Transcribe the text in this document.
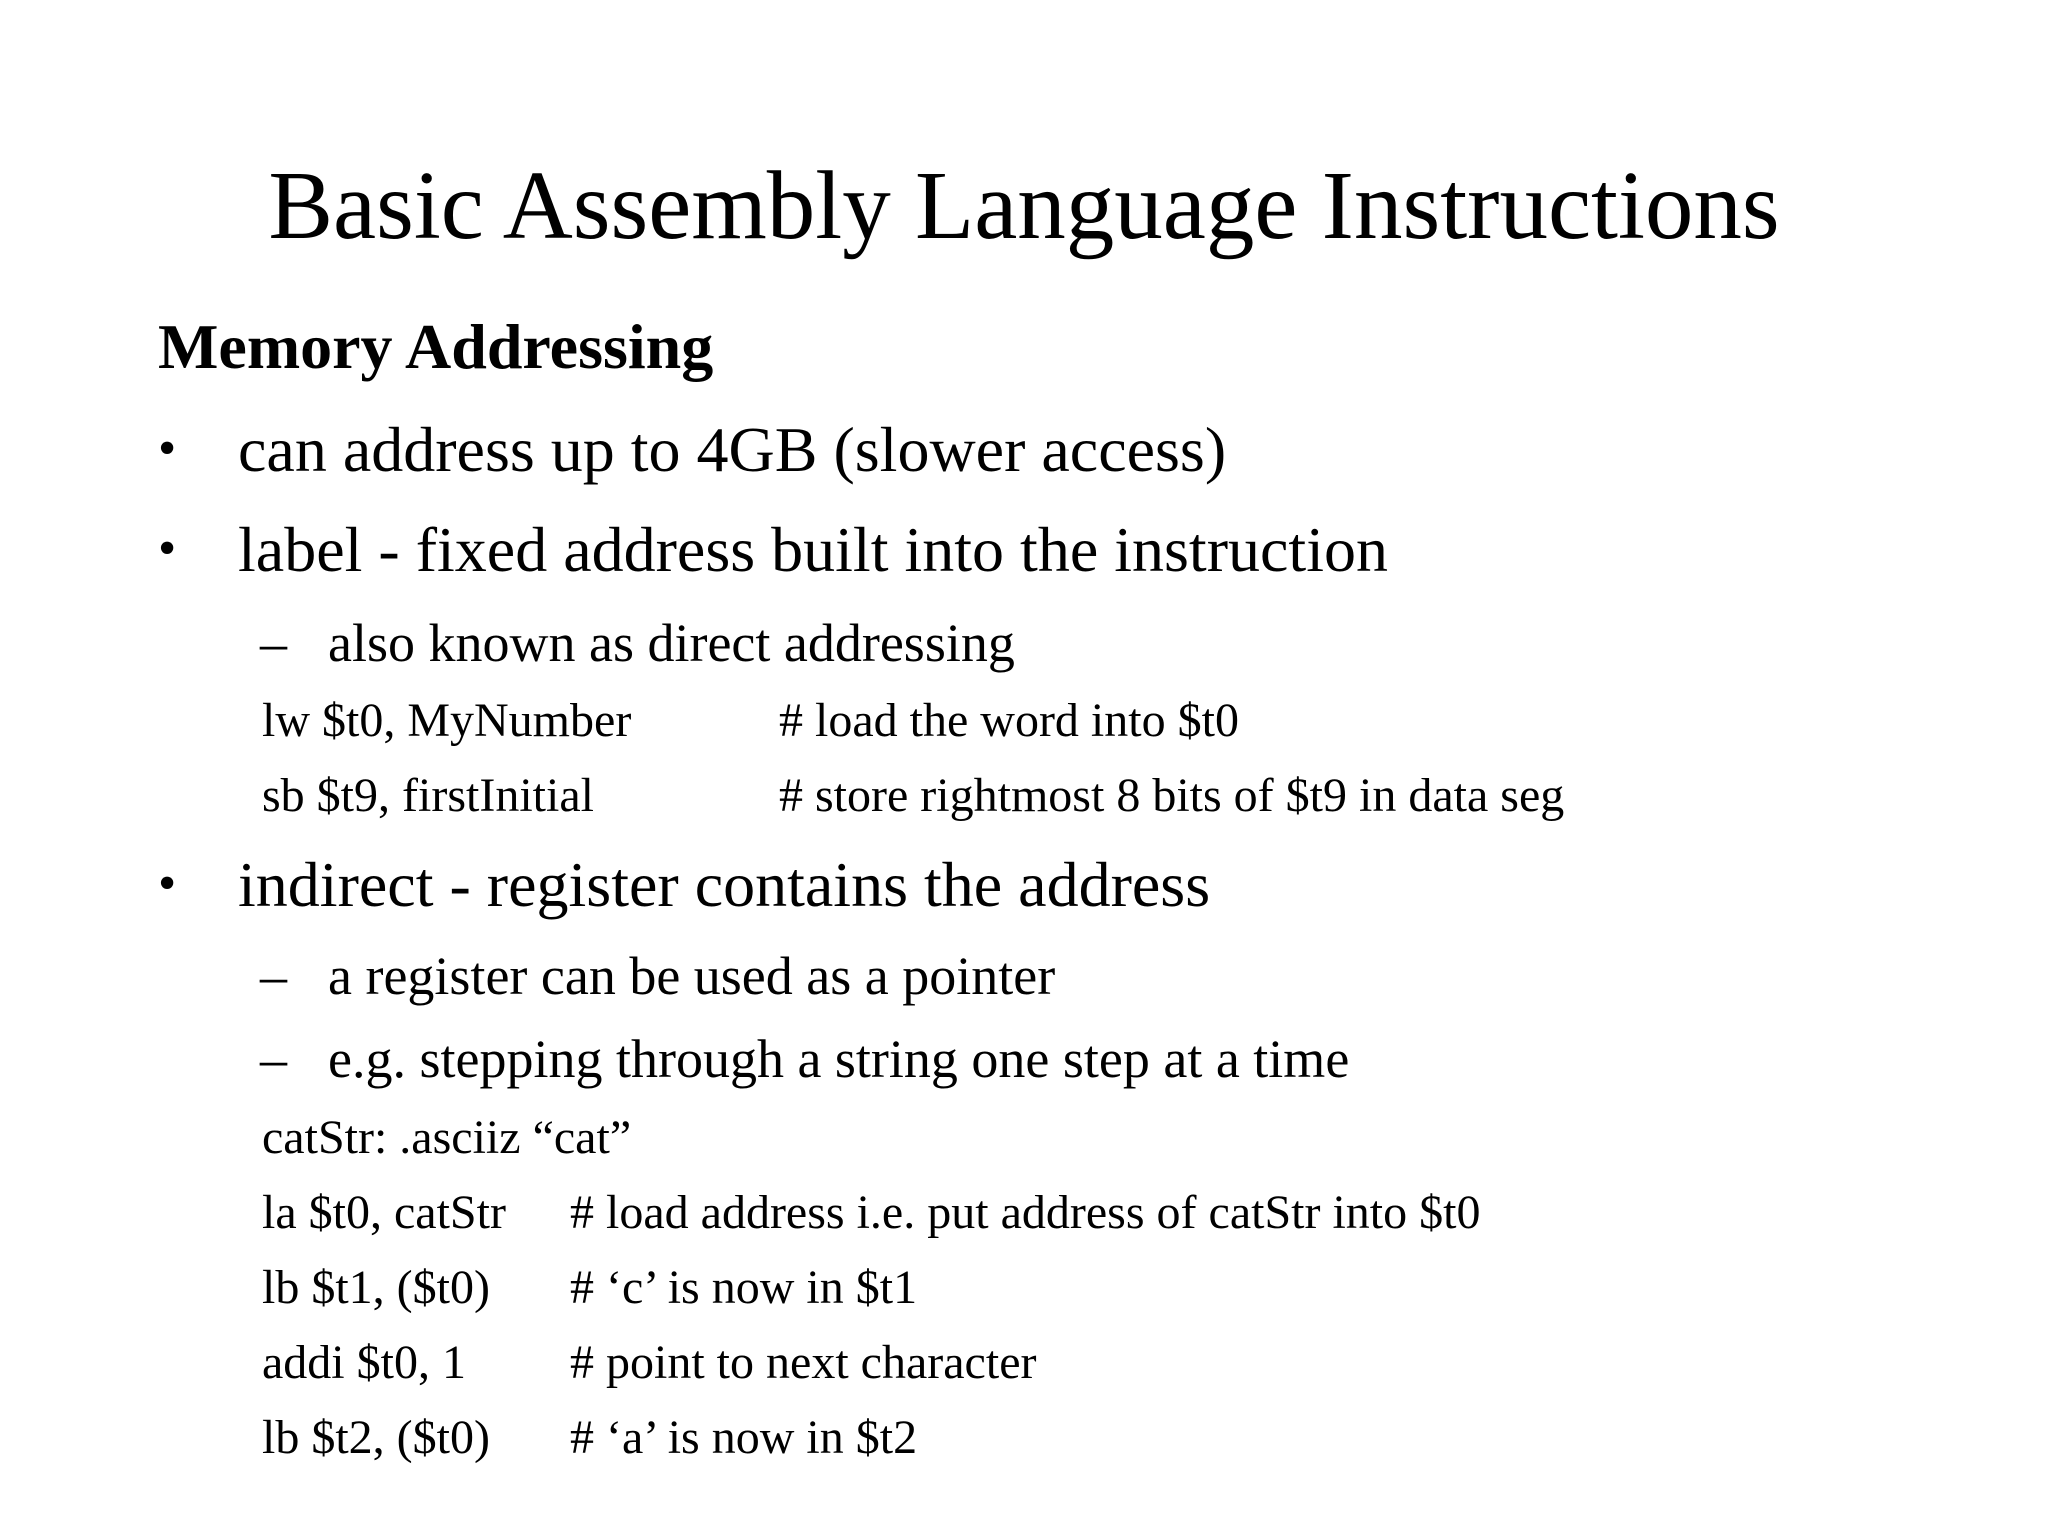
Basic Assembly Language Instructions
Memory Addressing
• can address up to 4GB (slower access)
• label - fixed address built into the instruction
– also known as direct addressing
lw $t0, MyNumber	# load the word into $t0
sb $t9, firstInitial	# store rightmost 8 bits of $t9 in data seg
• indirect - register contains the address
– a register can be used as a pointer
– e.g. stepping through a string one step at a time
catStr: .asciiz “cat”
la $t0, catStr # load address i.e. put address of catStr into $t0
lb $t1, ($t0) # ‘c’ is now in $t1
addi $t0, 1 # point to next character
lb $t2, ($t0) # ‘a’ is now in $t2
